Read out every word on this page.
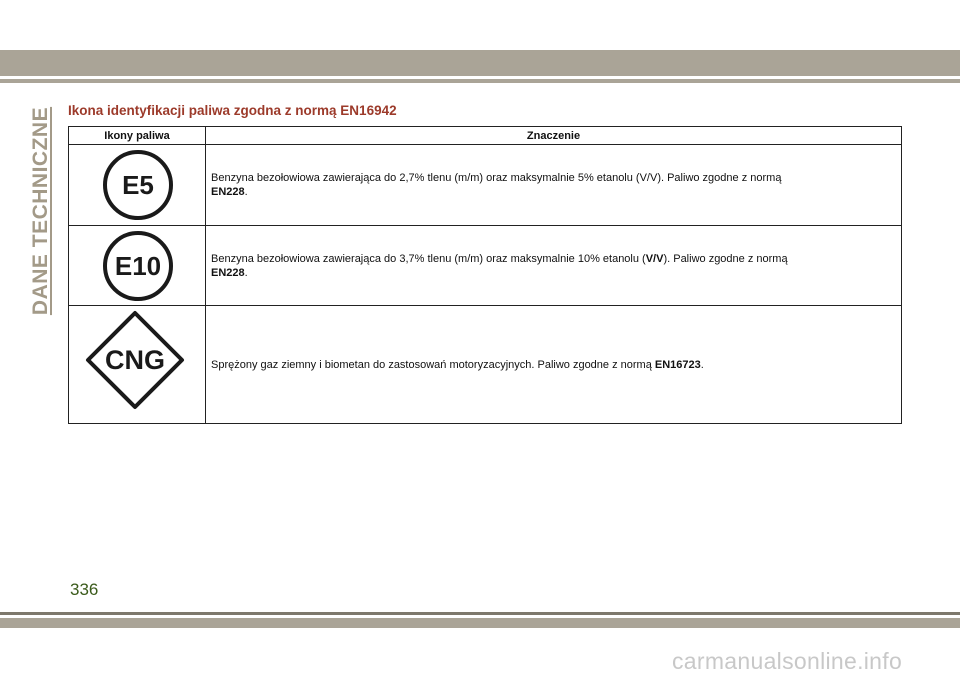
DANE TECHNICZNE Ikona identyfikacji paliwa zgodna z normą EN16942
Ikony paliwa	Znaczenie

E5	Benzyna bezołowiowa zawierająca do 2,7% tlenu (m/m) oraz maksymalnie 5% etanolu (V/V). Paliwo zgodne z normą
EN228.

E10	Benzyna bezołowiowa zawierająca do 3,7% tlenu (m/m) oraz maksymalnie 10% etanolu (V/V). Paliwo zgodne z normą
EN228.

CNG	Sprężony gaz ziemny i biometan do zastosowań motoryzacyjnych. Paliwo zgodne z normą EN16723.
336
carmanualsonline.info
